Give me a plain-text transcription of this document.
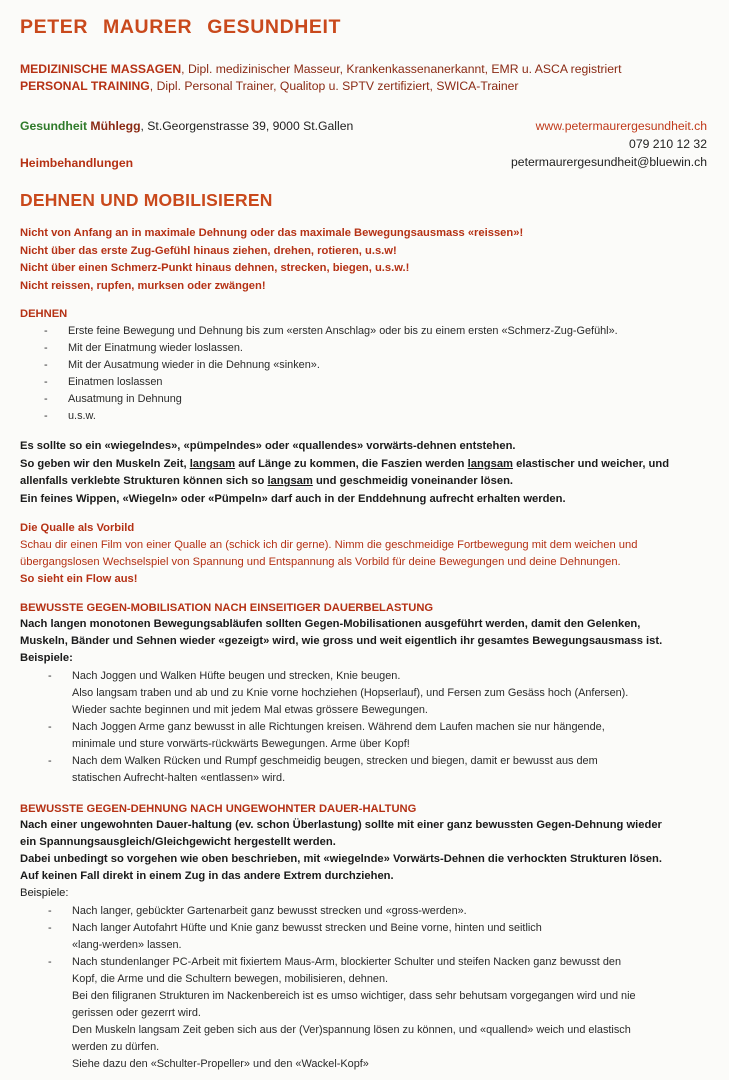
PETER MAURER GESUNDHEIT
MEDIZINISCHE MASSAGEN, Dipl. medizinischer Masseur, Krankenkassenanerkannt, EMR u. ASCA registriert
PERSONAL TRAINING, Dipl. Personal Trainer, Qualitop u. SPTV zertifiziert, SWICA-Trainer
Gesundheit Mühlegg, St.Georgenstrasse 39, 9000 St.Gallen
Heimbehandlungen
www.petermaurergesundheit.ch
079 210 12 32
petermaurergesundheit@bluewin.ch
DEHNEN UND MOBILISIEREN
Nicht von Anfang an in maximale Dehnung oder das maximale Bewegungsausmass «reissen»!
Nicht über das erste Zug-Gefühl hinaus ziehen, drehen, rotieren, u.s.w!
Nicht über einen Schmerz-Punkt hinaus dehnen, strecken, biegen, u.s.w.!
Nicht reissen, rupfen, murksen oder zwängen!
DEHNEN
- Erste feine Bewegung und Dehnung bis zum «ersten Anschlag» oder bis zu einem ersten «Schmerz-Zug-Gefühl».
- Mit der Einatmung wieder loslassen.
- Mit der Ausatmung wieder in die Dehnung «sinken».
- Einatmen loslassen
- Ausatmung in Dehnung
- u.s.w.
Es sollte so ein «wiegelndes», «pümpelndes» oder «quallendes» vorwärts-dehnen entstehen.
So geben wir den Muskeln Zeit, langsam auf Länge zu kommen, die Faszien werden langsam elastischer und weicher, und
allenfalls verklebte Strukturen können sich so langsam und geschmeidig voneinander lösen.
Ein feines Wippen, «Wiegeln» oder «Pümpeln» darf auch in der Enddehnung aufrecht erhalten werden.
Die Qualle als Vorbild
Schau dir einen Film von einer Qualle an (schick ich dir gerne). Nimm die geschmeidige Fortbewegung mit dem weichen und
übergangslosen Wechselspiel von Spannung und Entspannung als Vorbild für deine Bewegungen und deine Dehnungen.
So sieht ein Flow aus!
BEWUSSTE GEGEN-MOBILISATION NACH EINSEITIGER DAUERBELASTUNG
Nach langen monotonen Bewegungsabläufen sollten Gegen-Mobilisationen ausgeführt werden, damit den Gelenken,
Muskeln, Bänder und Sehnen wieder «gezeigt» wird, wie gross und weit eigentlich ihr gesamtes Bewegungsausmass ist.
Beispiele:
- Nach Joggen und Walken Hüfte beugen und strecken, Knie beugen.
Also langsam traben und ab und zu Knie vorne hochziehen (Hopserlauf), und Fersen zum Gesäss hoch (Anfersen).
Wieder sachte beginnen und mit jedem Mal etwas grössere Bewegungen.
- Nach Joggen Arme ganz bewusst in alle Richtungen kreisen. Während dem Laufen machen sie nur hängende,
minimale und sture vorwärts-rückwärts Bewegungen. Arme über Kopf!
- Nach dem Walken Rücken und Rumpf geschmeidig beugen, strecken und biegen, damit er bewusst aus dem
statischen Aufrecht-halten «entlassen» wird.
BEWUSSTE GEGEN-DEHNUNG NACH UNGEWOHNTER DAUER-HALTUNG
Nach einer ungewohnten Dauer-haltung (ev. schon Überlastung) sollte mit einer ganz bewussten Gegen-Dehnung wieder
ein Spannungsausgleich/Gleichgewicht hergestellt werden.
Dabei unbedingt so vorgehen wie oben beschrieben, mit «wiegelnde» Vorwärts-Dehnen die verhockten Strukturen lösen.
Auf keinen Fall direkt in einem Zug in das andere Extrem durchziehen.
Beispiele:
- Nach langer, gebückter Gartenarbeit ganz bewusst strecken und «gross-werden».
- Nach langer Autofahrt Hüfte und Knie ganz bewusst strecken und Beine vorne, hinten und seitlich
«lang-werden» lassen.
- Nach stundenlanger PC-Arbeit mit fixiertem Maus-Arm, blockierter Schulter und steifen Nacken ganz bewusst den
Kopf, die Arme und die Schultern bewegen, mobilisieren, dehnen.
Bei den filigranen Strukturen im Nackenbereich ist es umso wichtiger, dass sehr behutsam vorgegangen wird und nie
gerissen oder gezerrt wird.
Den Muskeln langsam Zeit geben sich aus der (Ver)spannung lösen zu können, und «quallend» weich und elastisch
werden zu dürfen.
Siehe dazu den «Schulter-Propeller» und den «Wackel-Kopf»
